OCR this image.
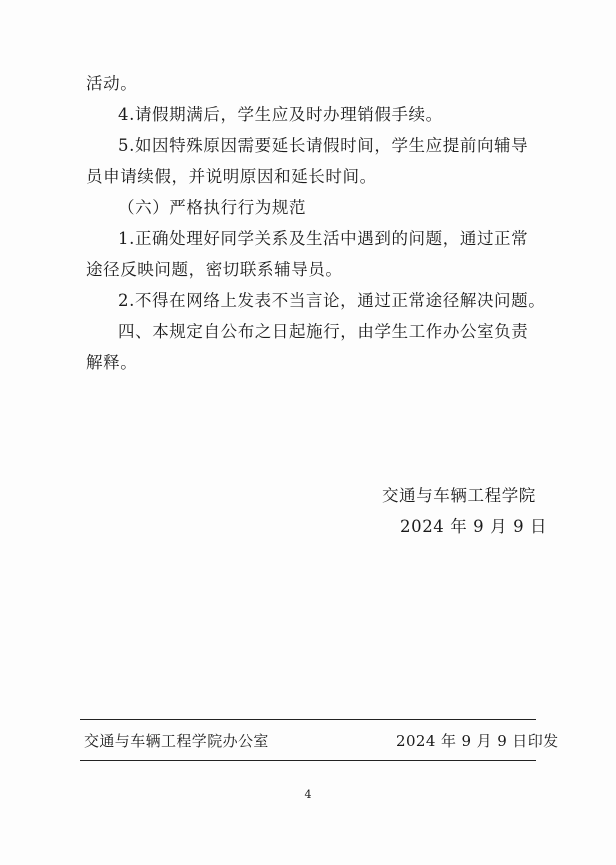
活动。
4.请假期满后，学生应及时办理销假手续。
5.如因特殊原因需要延长请假时间，学生应提前向辅导
员申请续假，并说明原因和延长时间。
（六）严格执行行为规范
1.正确处理好同学关系及生活中遇到的问题，通过正常
途径反映问题，密切联系辅导员。
2.不得在网络上发表不当言论，通过正常途径解决问题。
四、本规定自公布之日起施行，由学生工作办公室负责
解释。
交通与车辆工程学院
2024 年 9 月 9 日
交通与车辆工程学院办公室	2024 年 9 月 9 日印发
4
